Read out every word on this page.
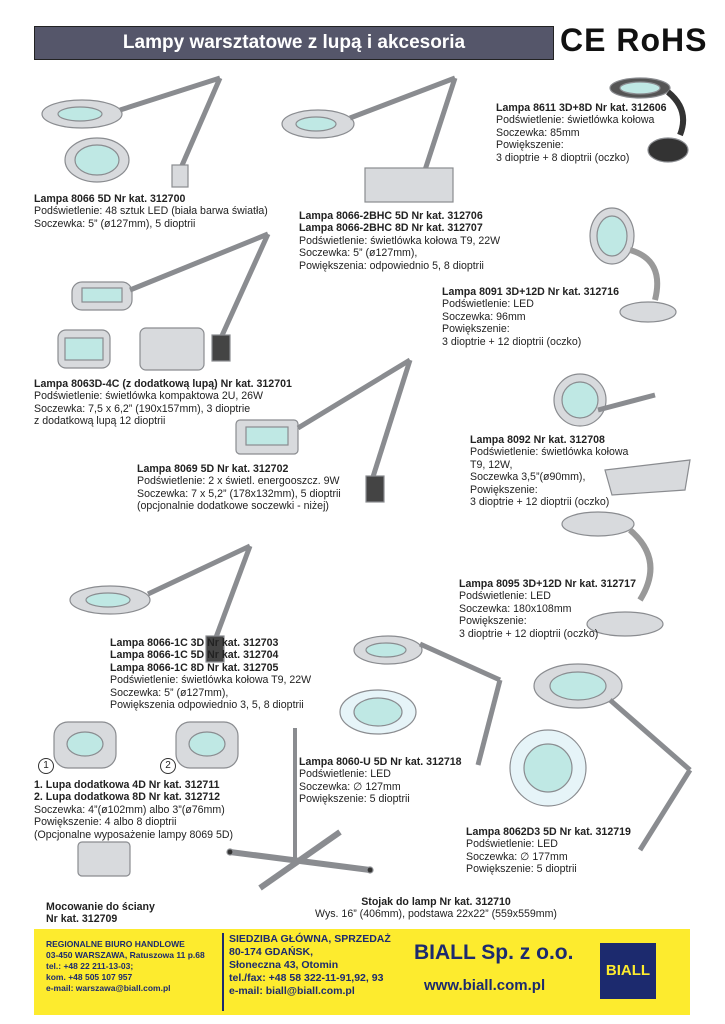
Lampy warsztatowe z lupą i akcesoria	CE RoHS
Lampa 8066 5D Nr kat. 312700
Podświetlenie: 48 sztuk LED (biała barwa światła)
Soczewka: 5” (ø127mm), 5 dioptrii
Lampa 8066-2BHC 5D Nr kat. 312706
Lampa 8066-2BHC 8D Nr kat. 312707
Podświetlenie: świetlówka kołowa T9, 22W
Soczewka: 5” (ø127mm),
Powiększenia: odpowiednio 5, 8 dioptrii
Lampa 8611 3D+8D Nr kat. 312606
Podświetlenie: świetlówka kołowa
Soczewka: 85mm
Powiększenie:
3 dioptrie + 8 dioptrii (oczko)
Lampa 8091 3D+12D Nr kat. 312716
Podświetlenie: LED
Soczewka: 96mm
Powiększenie:
3 dioptrie + 12 dioptrii (oczko)
Lampa 8063D-4C (z dodatkową lupą) Nr kat. 312701
Podświetlenie: świetlówka kompaktowa 2U, 26W
Soczewka: 7,5 x 6,2” (190x157mm), 3 dioptrie
z dodatkową lupą 12 dioptrii
Lampa 8092 Nr kat. 312708
Podświetlenie: świetlówka kołowa
T9, 12W,
Soczewka 3,5”(ø90mm),
Powiększenie:
3 dioptrie + 12 dioptrii (oczko)
Lampa 8069 5D Nr kat. 312702
Podświetlenie: 2 x świetl. energooszcz. 9W
Soczewka: 7 x 5,2” (178x132mm), 5 dioptrii
(opcjonalnie dodatkowe soczewki - niżej)
Lampa 8095 3D+12D Nr kat. 312717
Podświetlenie: LED
Soczewka: 180x108mm
Powiększenie:
3 dioptrie + 12 dioptrii (oczko)
Lampa 8066-1C 3D Nr kat. 312703
Lampa 8066-1C 5D Nr kat. 312704
Lampa 8066-1C 8D Nr kat. 312705
Podświetlenie: świetlówka kołowa T9, 22W
Soczewka: 5” (ø127mm),
Powiększenia odpowiednio 3, 5, 8 dioptrii
Lampa 8060-U 5D Nr kat. 312718
Podświetlenie: LED
Soczewka: ∅ 127mm
Powiększenie: 5 dioptrii
1	2
1. Lupa dodatkowa 4D Nr kat. 312711
2. Lupa dodatkowa 8D Nr kat. 312712
Soczewka: 4”(ø102mm) albo 3”(ø76mm)
Powiększenie: 4 albo 8 dioptrii
(Opcjonalne wyposażenie lampy 8069 5D)	Lampa 8062D3 5D Nr kat. 312719
Podświetlenie: LED
Soczewka: ∅ 177mm
Powiększenie: 5 dioptrii
Mocowanie do ściany
Nr kat. 312709
Stojak do lamp Nr kat. 312710
Wys. 16” (406mm), podstawa 22x22” (559x559mm)
REGIONALNE BIURO HANDLOWE
03-450 WARSZAWA, Ratuszowa 11 p.68
tel.: +48 22 211-13-03;
kom. +48 505 107 957
e-mail: warszawa@biall.com.pl
SIEDZIBA GŁÓWNA, SPRZEDAŻ
80-174 GDAŃSK,
Słoneczna 43, Otomin
tel./fax: +48 58 322-11-91,92, 93
e-mail: biall@biall.com.pl
BIALL Sp. z o.o.
www.biall.com.pl
BIALL
